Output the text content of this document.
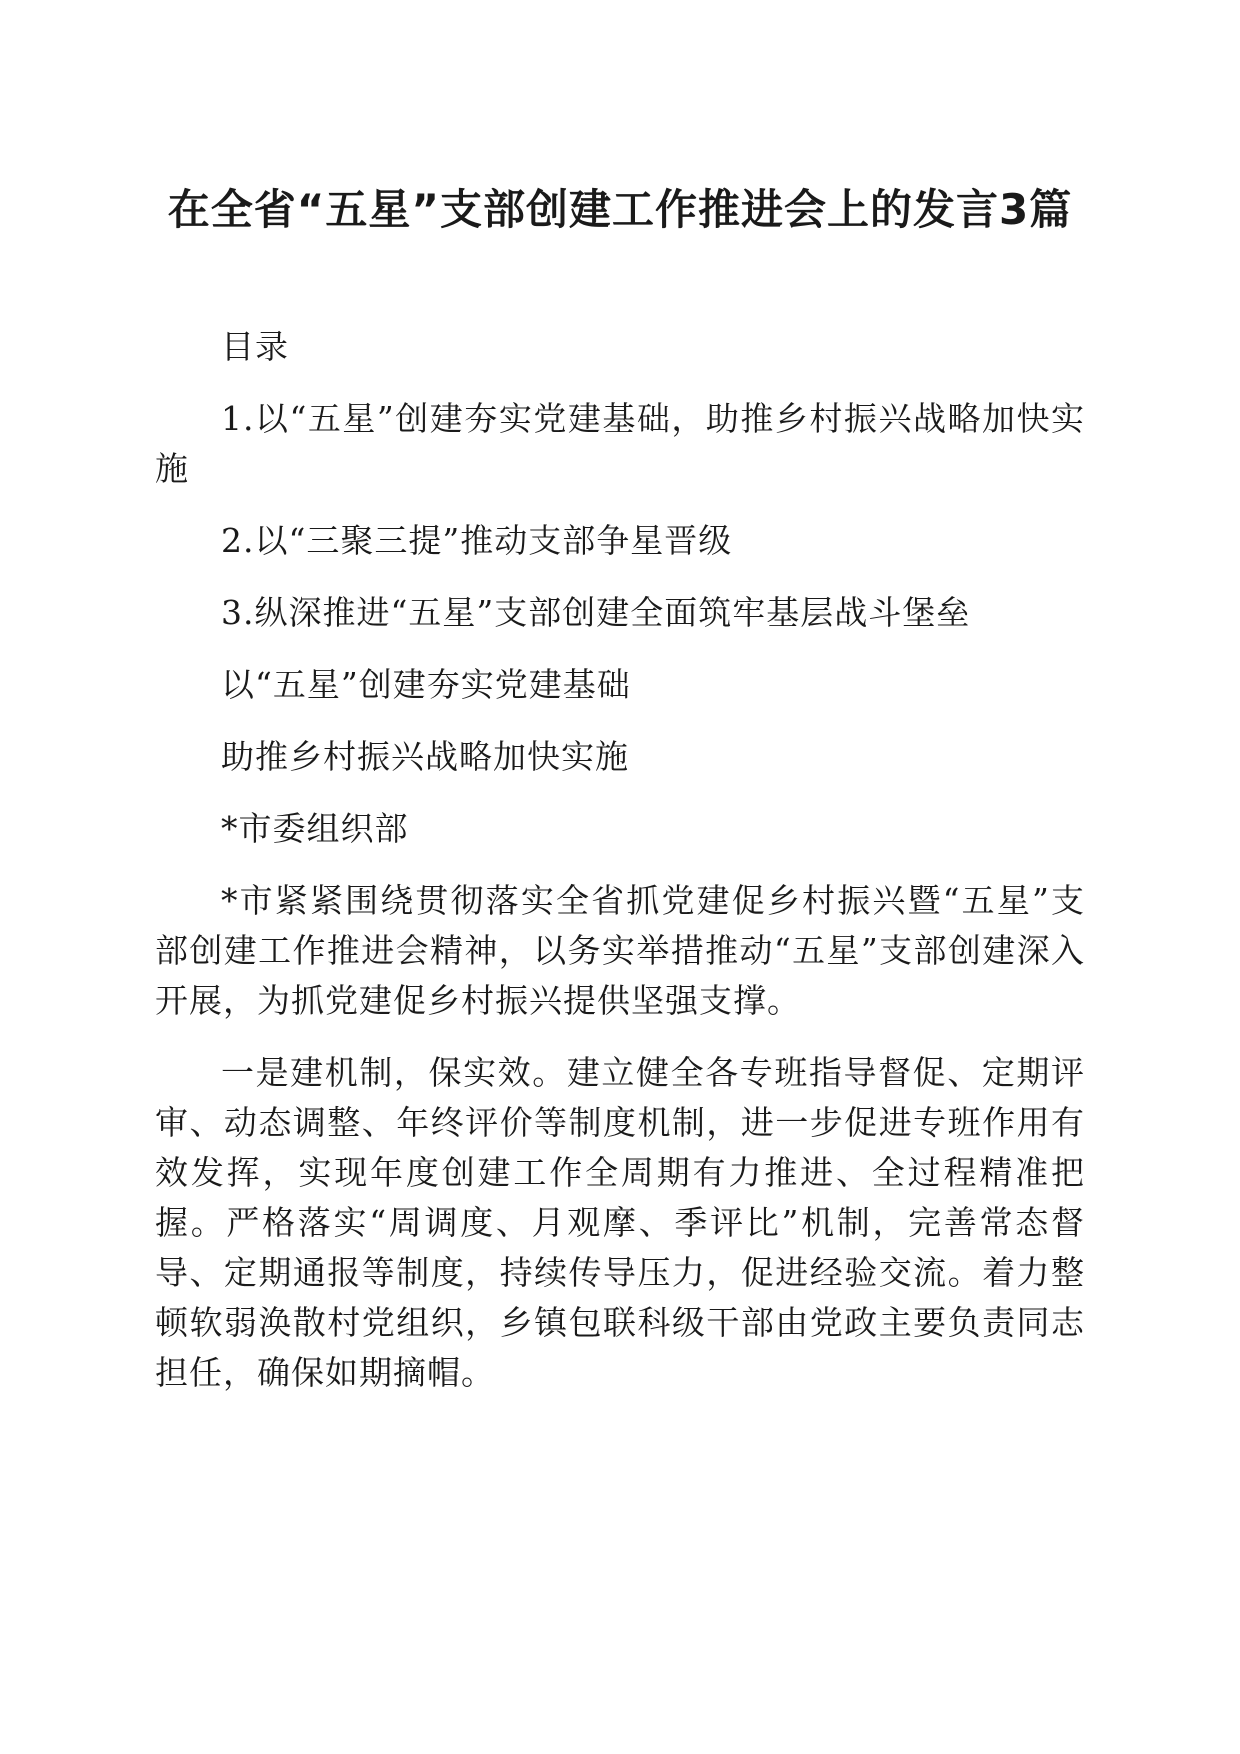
在全省“五星”支部创建工作推进会上的发言3篇

目录

1.以“五星”创建夯实党建基础，助推乡村振兴战略加快实施

2.以“三聚三提”推动支部争星晋级

3.纵深推进“五星”支部创建全面筑牢基层战斗堡垒

以“五星”创建夯实党建基础

助推乡村振兴战略加快实施

*市委组织部

*市紧紧围绕贯彻落实全省抓党建促乡村振兴暨“五星”支部创建工作推进会精神，以务实举措推动“五星”支部创建深入开展，为抓党建促乡村振兴提供坚强支撑。

一是建机制，保实效。建立健全各专班指导督促、定期评审、动态调整、年终评价等制度机制，进一步促进专班作用有效发挥，实现年度创建工作全周期有力推进、全过程精准把握。严格落实“周调度、月观摩、季评比”机制，完善常态督导、定期通报等制度，持续传导压力，促进经验交流。着力整顿软弱涣散村党组织，乡镇包联科级干部由党政主要负责同志担任，确保如期摘帽。
